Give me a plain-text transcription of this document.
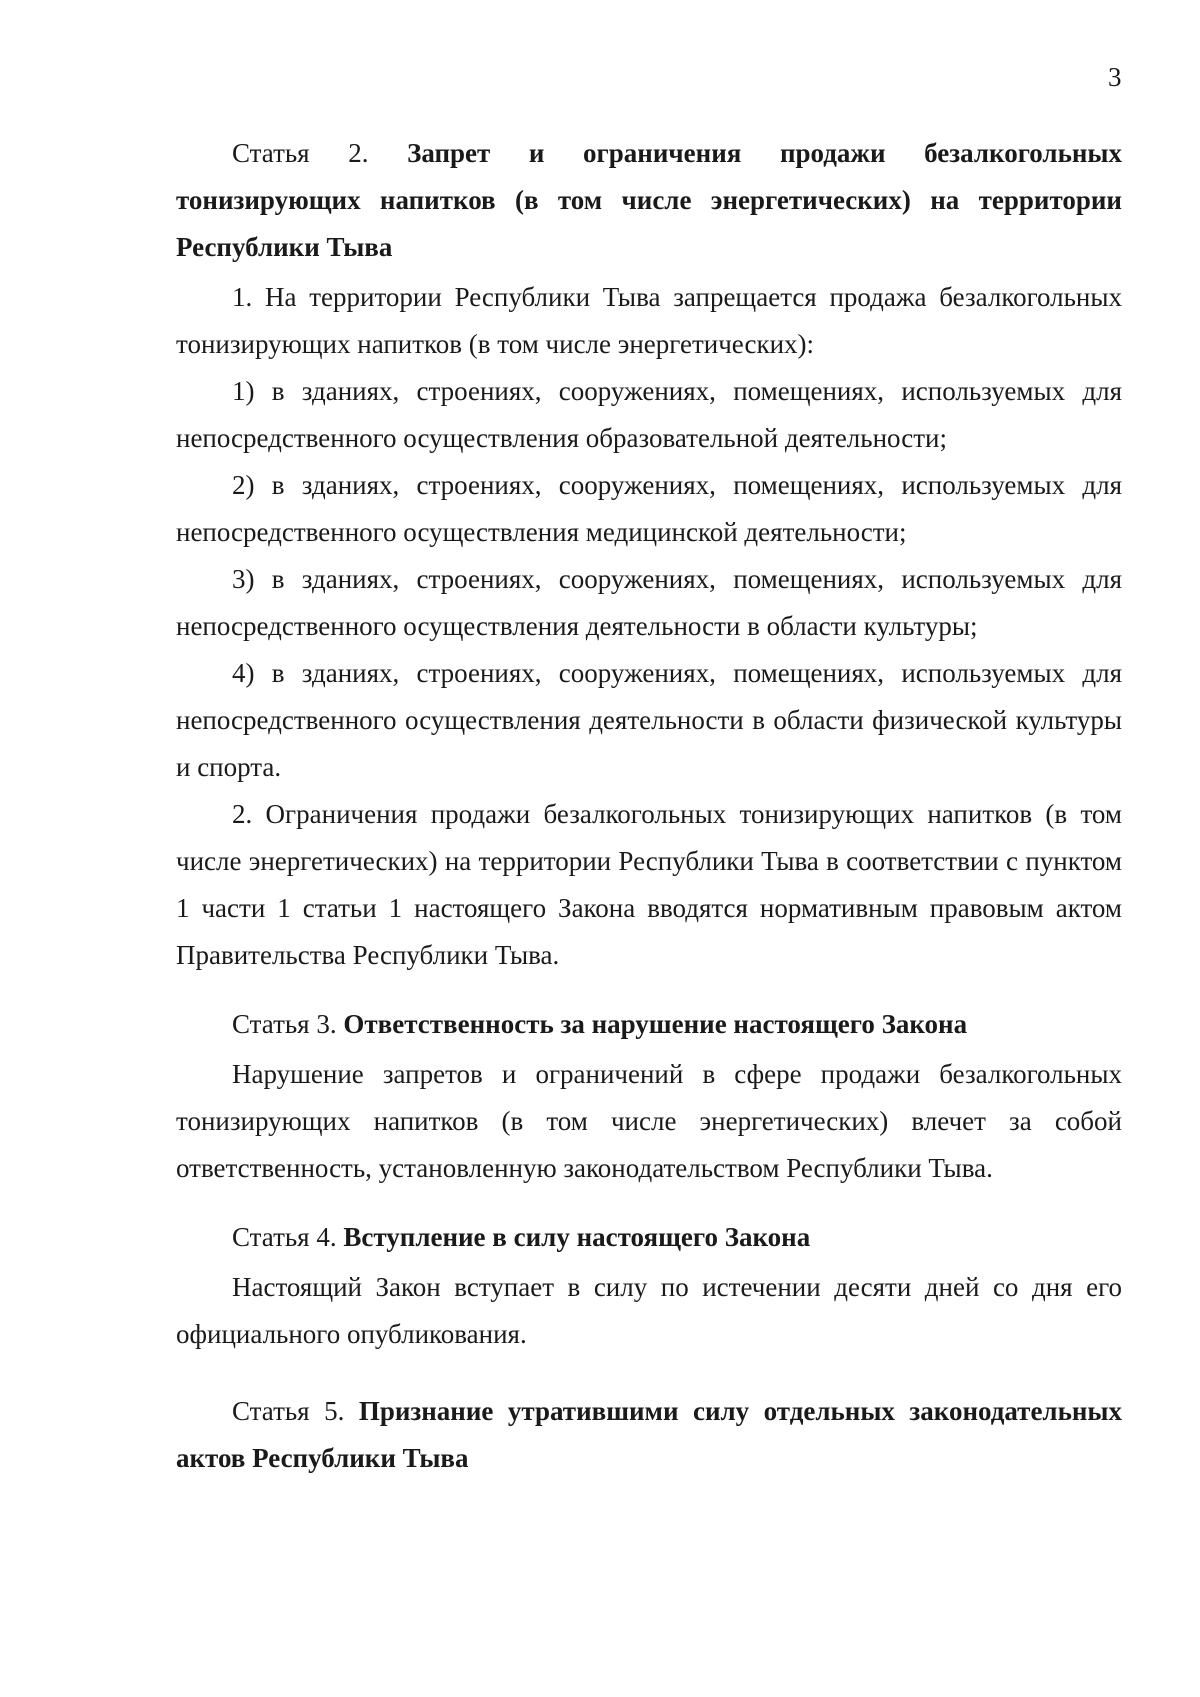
3

Статья 2. Запрет и ограничения продажи безалкогольных тонизирующих напитков (в том числе энергетических) на территории Республики Тыва

1. На территории Республики Тыва запрещается продажа безалкогольных тонизирующих напитков (в том числе энергетических):

1) в зданиях, строениях, сооружениях, помещениях, используемых для непосредственного осуществления образовательной деятельности;

2) в зданиях, строениях, сооружениях, помещениях, используемых для непосредственного осуществления медицинской деятельности;

3) в зданиях, строениях, сооружениях, помещениях, используемых для непосредственного осуществления деятельности в области культуры;

4) в зданиях, строениях, сооружениях, помещениях, используемых для непосредственного осуществления деятельности в области физической культуры и спорта.

2. Ограничения продажи безалкогольных тонизирующих напитков (в том числе энергетических) на территории Республики Тыва в соответствии с пунктом 1 части 1 статьи 1 настоящего Закона вводятся нормативным правовым актом Правительства Республики Тыва.

Статья 3. Ответственность за нарушение настоящего Закона

Нарушение запретов и ограничений в сфере продажи безалкогольных тонизирующих напитков (в том числе энергетических) влечет за собой ответственность, установленную законодательством Республики Тыва.

Статья 4. Вступление в силу настоящего Закона

Настоящий Закон вступает в силу по истечении десяти дней со дня его официального опубликования.

Статья 5. Признание утратившими силу отдельных законодательных актов Республики Тыва
